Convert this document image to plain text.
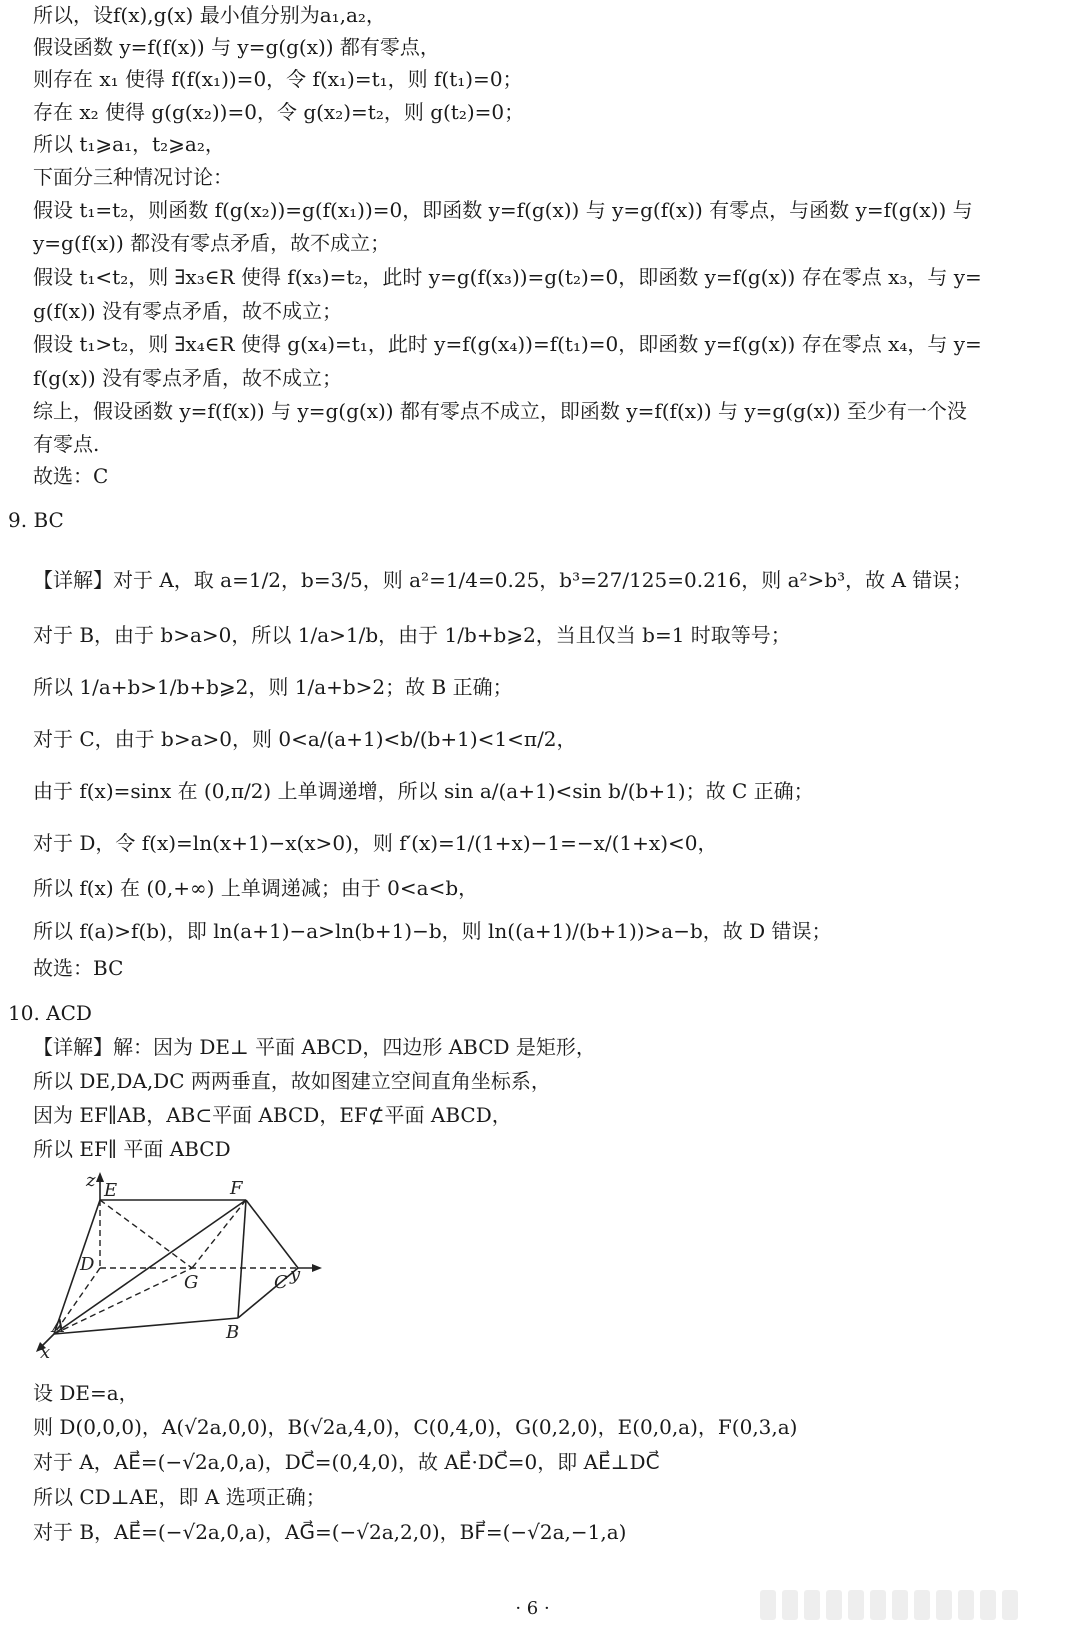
所以，设f(x),g(x) 最小值分别为a₁,a₂，
假设函数 y=f(f(x)) 与 y=g(g(x)) 都有零点，
则存在 x₁ 使得 f(f(x₁))=0，令 f(x₁)=t₁，则 f(t₁)=0；
存在 x₂ 使得 g(g(x₂))=0，令 g(x₂)=t₂，则 g(t₂)=0；
所以 t₁⩾a₁，t₂⩾a₂，
下面分三种情况讨论：
假设 t₁=t₂，则函数 f(g(x₂))=g(f(x₁))=0，即函数 y=f(g(x)) 与 y=g(f(x)) 有零点，与函数 y=f(g(x)) 与
y=g(f(x)) 都没有零点矛盾，故不成立；
假设 t₁<t₂，则 ∃x₃∈R 使得 f(x₃)=t₂，此时 y=g(f(x₃))=g(t₂)=0，即函数 y=f(g(x)) 存在零点 x₃，与 y=
g(f(x)) 没有零点矛盾，故不成立；
假设 t₁>t₂，则 ∃x₄∈R 使得 g(x₄)=t₁，此时 y=f(g(x₄))=f(t₁)=0，即函数 y=f(g(x)) 存在零点 x₄，与 y=
f(g(x)) 没有零点矛盾，故不成立；
综上，假设函数 y=f(f(x)) 与 y=g(g(x)) 都有零点不成立，即函数 y=f(f(x)) 与 y=g(g(x)) 至少有一个没
有零点.
故选：C
9. BC
【详解】对于 A，取 a=1/2，b=3/5，则 a²=1/4=0.25，b³=27/125=0.216，则 a²>b³，故 A 错误；
对于 B，由于 b>a>0，所以 1/a>1/b，由于 1/b+b⩾2，当且仅当 b=1 时取等号；
所以 1/a+b>1/b+b⩾2，则 1/a+b>2；故 B 正确；
对于 C，由于 b>a>0，则 0<a/(a+1)<b/(b+1)<1<π/2，
由于 f(x)=sinx 在 (0,π/2) 上单调递增，所以 sin a/(a+1)<sin b/(b+1)；故 C 正确；
对于 D，令 f(x)=ln(x+1)−x(x>0)，则 f′(x)=1/(1+x)−1=−x/(1+x)<0，
所以 f(x) 在 (0,+∞) 上单调递减；由于 0<a<b，
所以 f(a)>f(b)，即 ln(a+1)−a>ln(b+1)−b，则 ln((a+1)/(b+1))>a−b，故 D 错误；
故选：BC
10. ACD
【详解】解：因为 DE⊥ 平面 ABCD，四边形 ABCD 是矩形，
所以 DE,DA,DC 两两垂直，故如图建立空间直角坐标系，
因为 EF∥AB，AB⊂平面 ABCD，EF⊄平面 ABCD，
所以 EF∥ 平面 ABCD
z E	F
D
G	C y
A	B
x
设 DE=a，
则 D(0,0,0)，A(√2a,0,0)，B(√2a,4,0)，C(0,4,0)，G(0,2,0)，E(0,0,a)，F(0,3,a)
对于 A，AE⃗=(−√2a,0,a)，DC⃗=(0,4,0)，故 AE⃗·DC⃗=0，即 AE⃗⊥DC⃗
所以 CD⊥AE，即 A 选项正确；
对于 B，AE⃗=(−√2a,0,a)，AG⃗=(−√2a,2,0)，BF⃗=(−√2a,−1,a)
· 6 ·
